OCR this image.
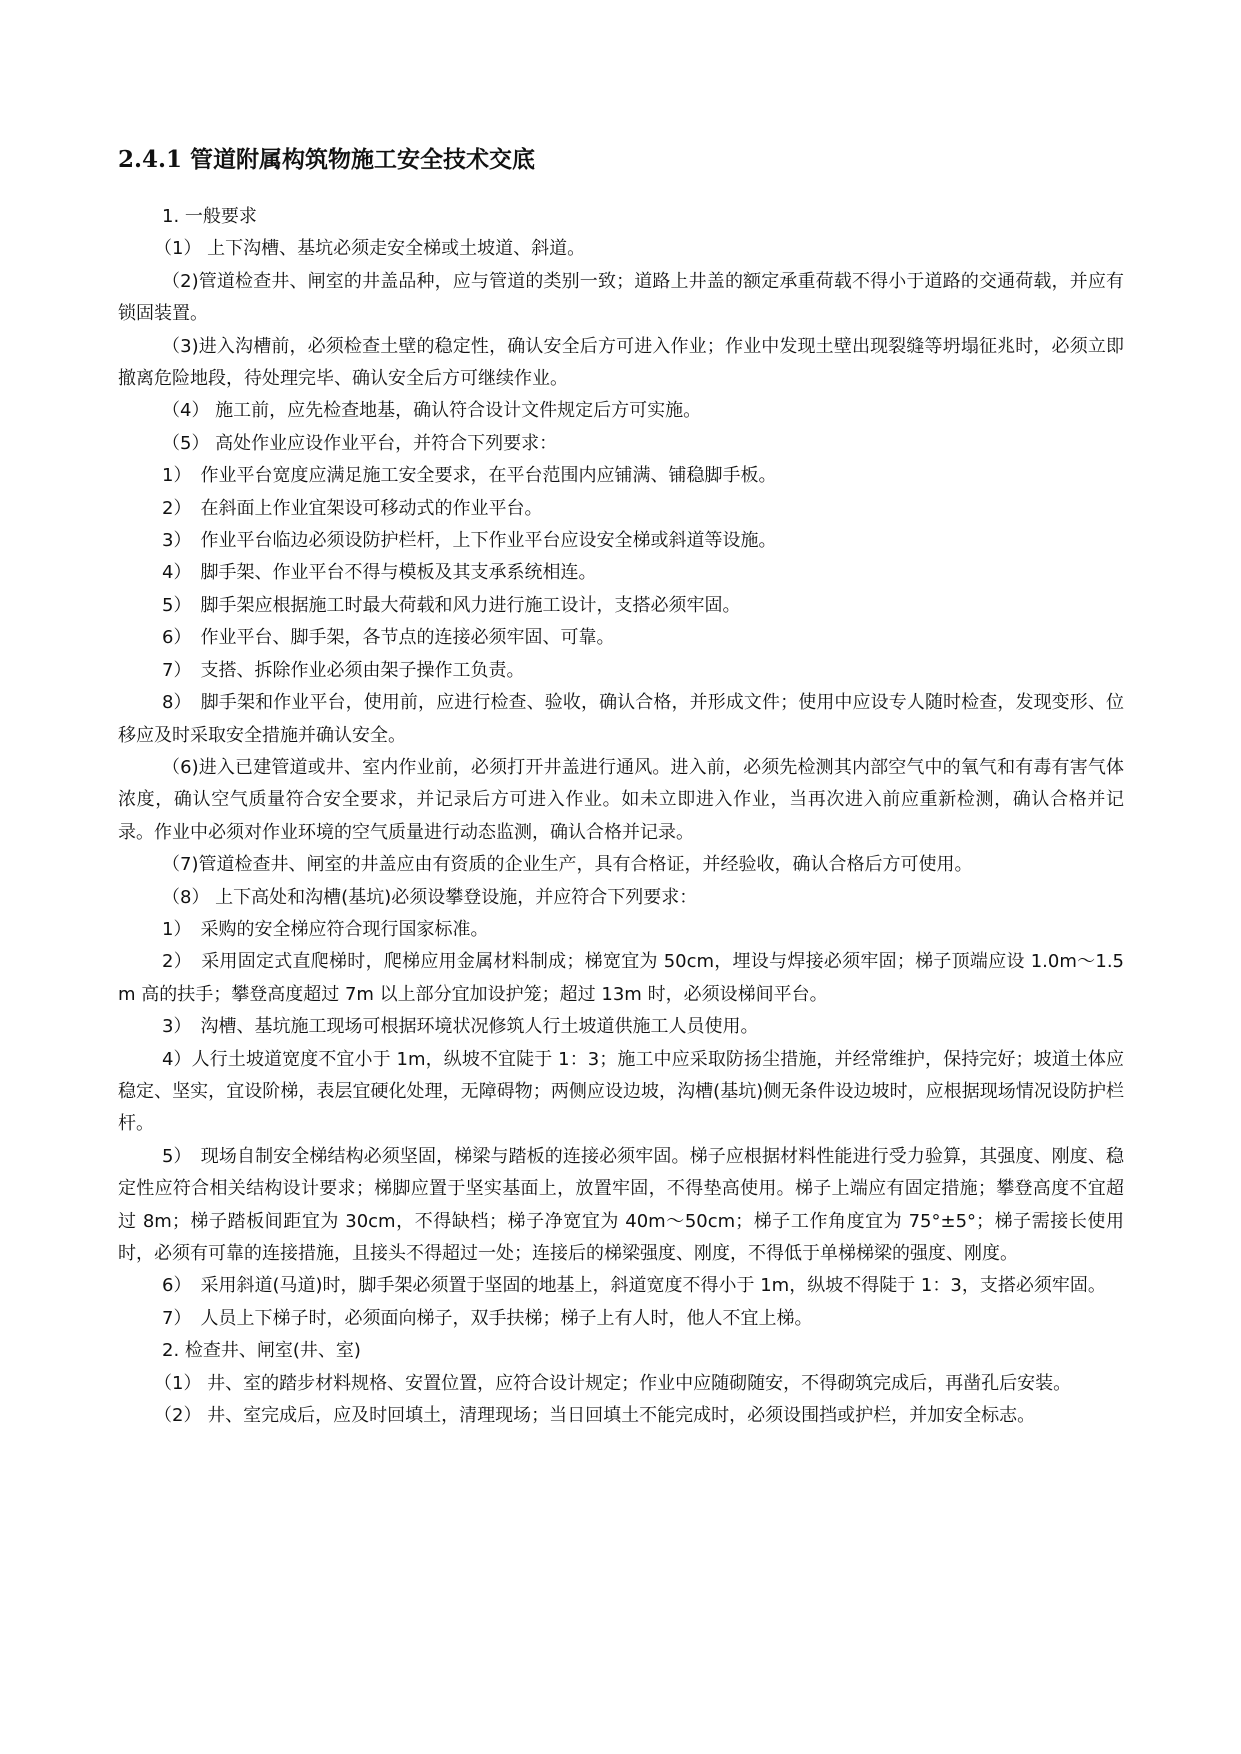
2.4.1 管道附属构筑物施工安全技术交底

1. 一般要求

（1） 上下沟槽、基坑必须走安全梯或土坡道、斜道。

（2)管道检查井、闸室的井盖品种，应与管道的类别一致；道路上井盖的额定承重荷载不得小于道路的交通荷载，并应有锁固装置。

（3)进入沟槽前，必须检查土壁的稳定性，确认安全后方可进入作业；作业中发现土壁出现裂缝等坍塌征兆时，必须立即撤离危险地段，待处理完毕、确认安全后方可继续作业。

（4） 施工前，应先检查地基，确认符合设计文件规定后方可实施。

（5） 高处作业应设作业平台，并符合下列要求：

1）　作业平台宽度应满足施工安全要求，在平台范围内应铺满、铺稳脚手板。

2）　在斜面上作业宜架设可移动式的作业平台。

3）　作业平台临边必须设防护栏杆，上下作业平台应设安全梯或斜道等设施。

4）　脚手架、作业平台不得与模板及其支承系统相连。

5）　脚手架应根据施工时最大荷载和风力进行施工设计，支搭必须牢固。

6）　作业平台、脚手架，各节点的连接必须牢固、可靠。

7）　支搭、拆除作业必须由架子操作工负责。

8）　脚手架和作业平台，使用前，应进行检查、验收，确认合格，并形成文件；使用中应设专人随时检查，发现变形、位移应及时采取安全措施并确认安全。

（6)进入已建管道或井、室内作业前，必须打开井盖进行通风。进入前，必须先检测其内部空气中的氧气和有毒有害气体浓度，确认空气质量符合安全要求，并记录后方可进入作业。如未立即进入作业，当再次进入前应重新检测，确认合格并记录。作业中必须对作业环境的空气质量进行动态监测，确认合格并记录。

（7)管道检查井、闸室的井盖应由有资质的企业生产，具有合格证，并经验收，确认合格后方可使用。

（8） 上下高处和沟槽(基坑)必须设攀登设施，并应符合下列要求：

1）　采购的安全梯应符合现行国家标准。

2）　采用固定式直爬梯时，爬梯应用金属材料制成；梯宽宜为 50cm，埋设与焊接必须牢固；梯子顶端应设 1.0m～1.5m 高的扶手；攀登高度超过 7m 以上部分宜加设护笼；超过 13m 时，必须设梯间平台。

3）　沟槽、基坑施工现场可根据环境状况修筑人行土坡道供施工人员使用。

4）人行土坡道宽度不宜小于 1m，纵坡不宜陡于 1：3；施工中应采取防扬尘措施，并经常维护，保持完好；坡道土体应稳定、坚实，宜设阶梯，表层宜硬化处理，无障碍物；两侧应设边坡，沟槽(基坑)侧无条件设边坡时，应根据现场情况设防护栏杆。

5）　现场自制安全梯结构必须坚固，梯梁与踏板的连接必须牢固。梯子应根据材料性能进行受力验算，其强度、刚度、稳定性应符合相关结构设计要求；梯脚应置于坚实基面上，放置牢固，不得垫高使用。梯子上端应有固定措施；攀登高度不宜超过 8m；梯子踏板间距宜为 30cm，不得缺档；梯子净宽宜为 40m～50cm；梯子工作角度宜为 75°±5°；梯子需接长使用时，必须有可靠的连接措施，且接头不得超过一处；连接后的梯梁强度、刚度，不得低于单梯梯梁的强度、刚度。

6）　采用斜道(马道)时，脚手架必须置于坚固的地基上，斜道宽度不得小于 1m，纵坡不得陡于 1：3，支搭必须牢固。

7）　人员上下梯子时，必须面向梯子，双手扶梯；梯子上有人时，他人不宜上梯。

2. 检查井、闸室(井、室)

（1） 井、室的踏步材料规格、安置位置，应符合设计规定；作业中应随砌随安，不得砌筑完成后，再凿孔后安装。

（2） 井、室完成后，应及时回填土，清理现场；当日回填土不能完成时，必须设围挡或护栏，并加安全标志。
